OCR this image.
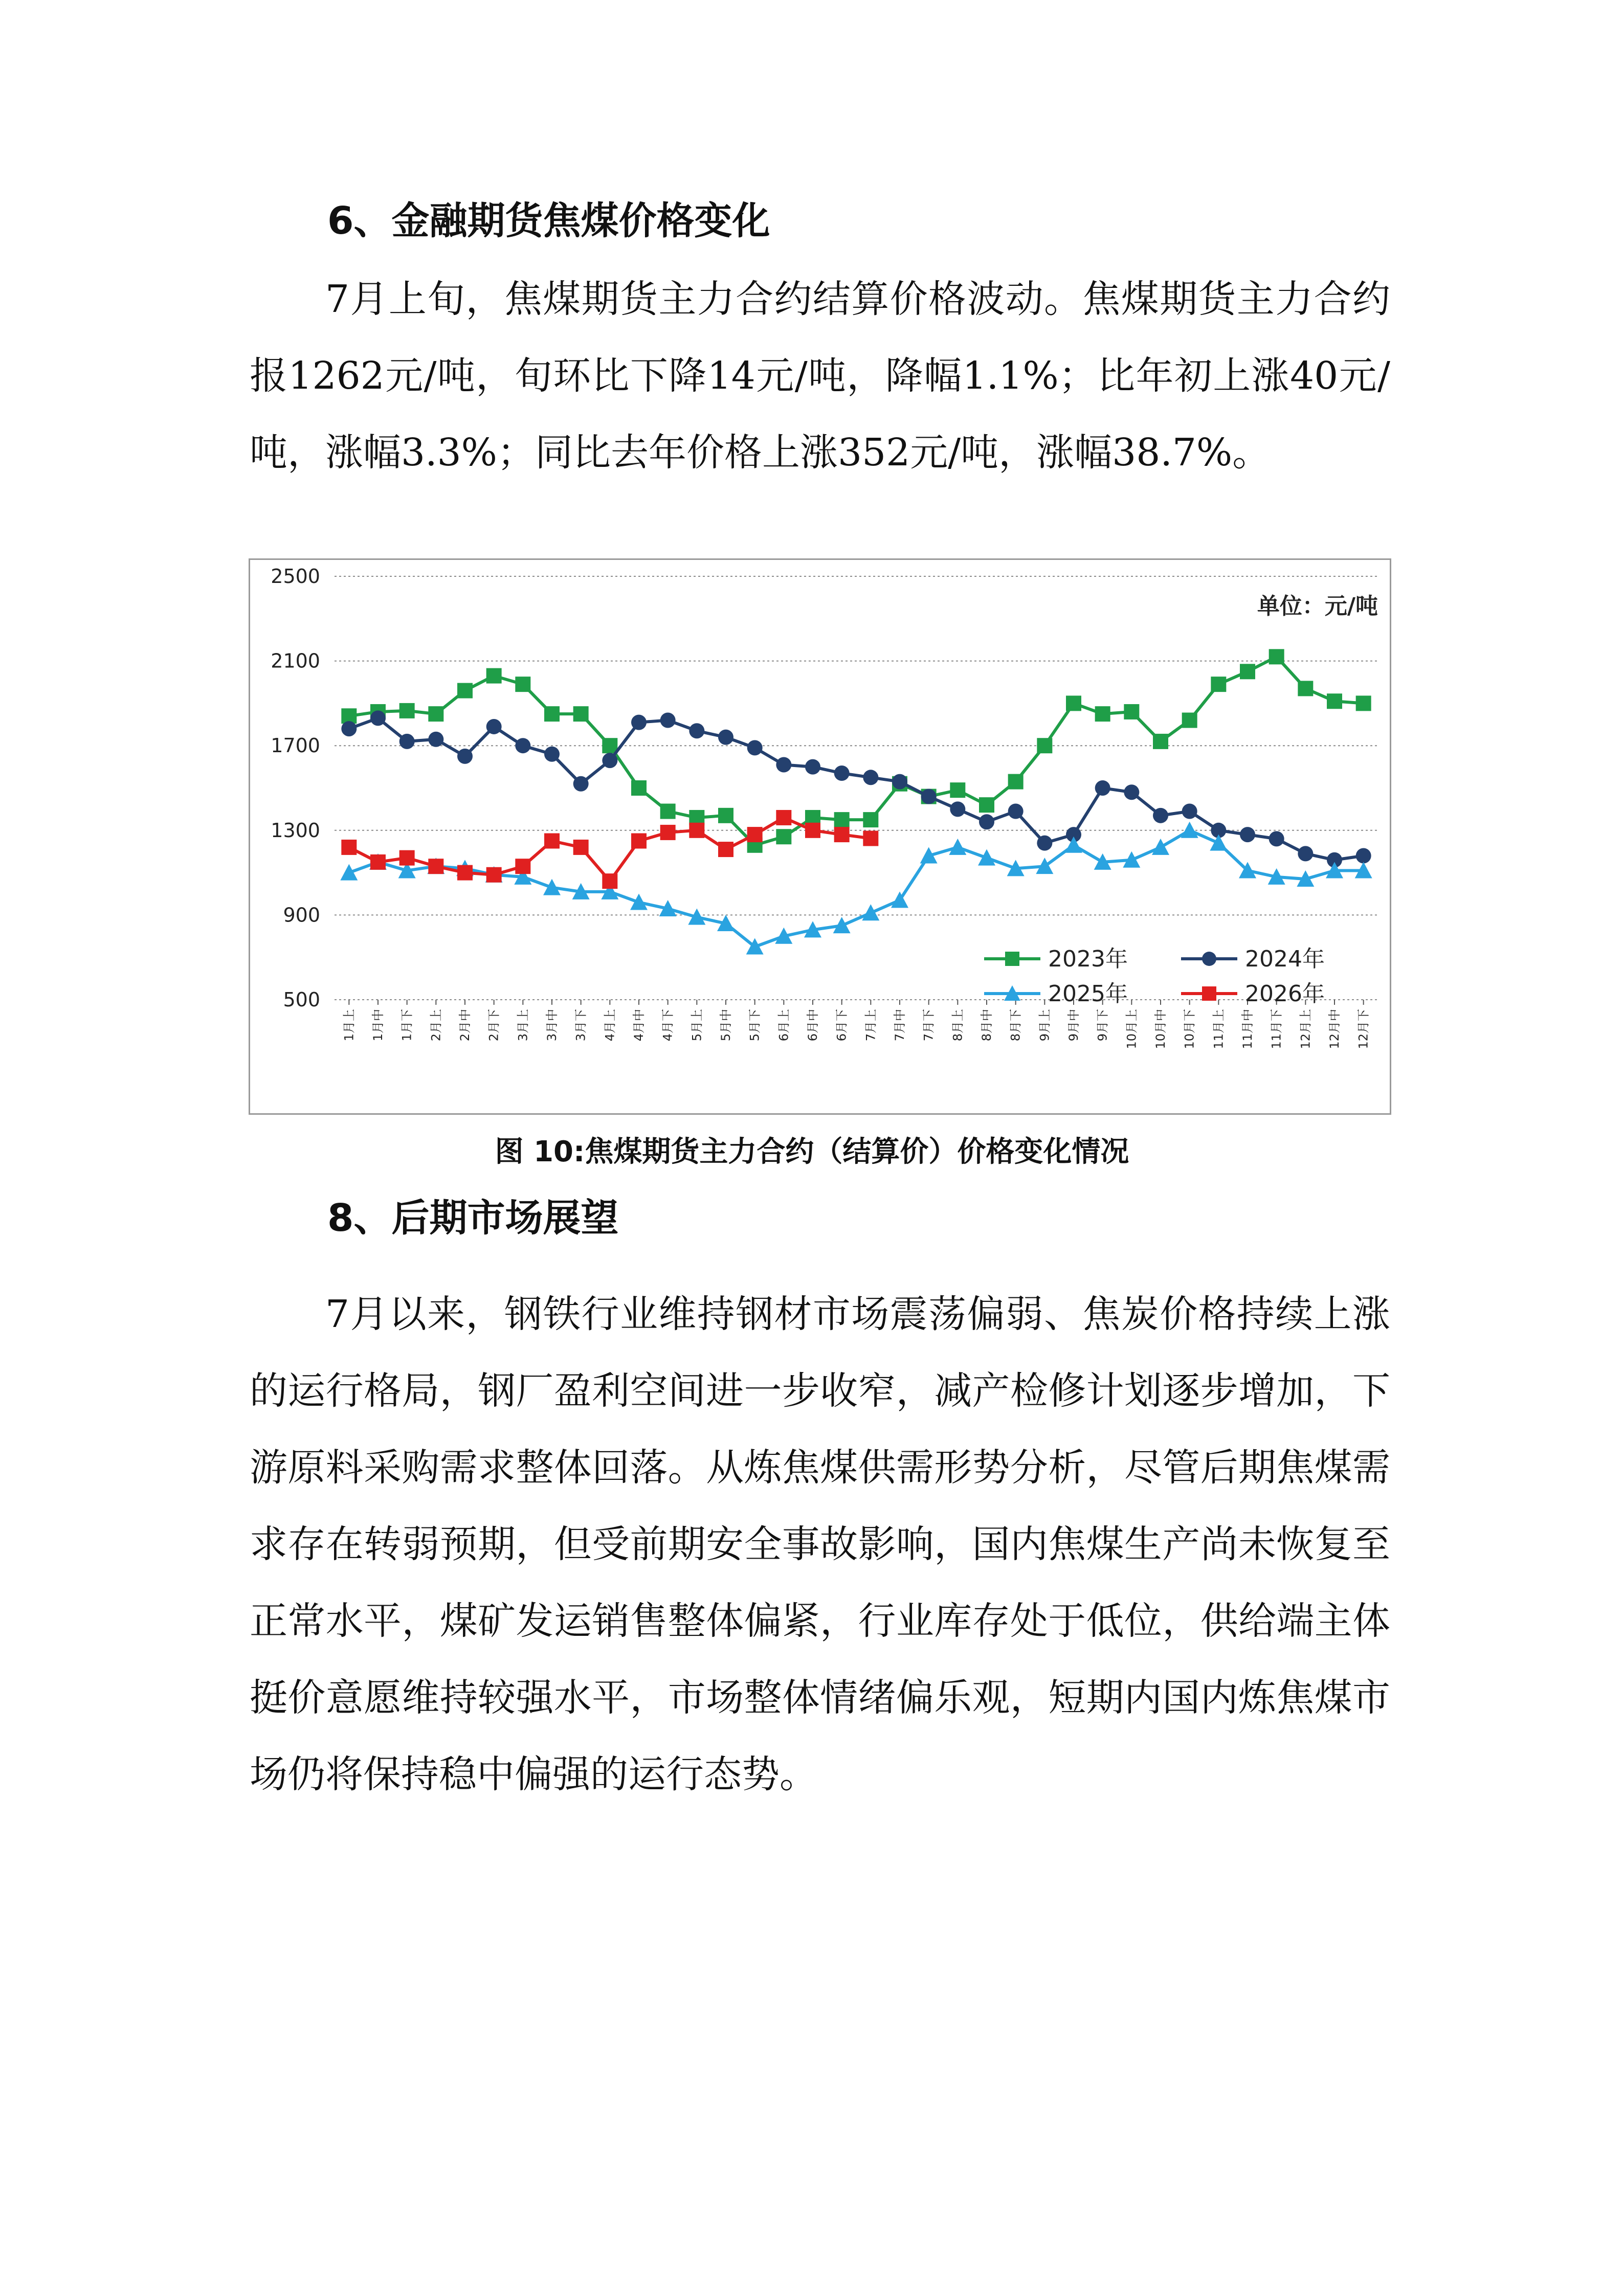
6、金融期货焦煤价格变化

7月上旬，焦煤期货主力合约结算价格波动。焦煤期货主力合约报1262元/吨，旬环比下降14元/吨，降幅1.1%；比年初上涨40元/吨，涨幅3.3%；同比去年价格上涨352元/吨，涨幅38.7%。

500
900
1300
1700
2100
2500
1月上 1月中 1月下 2月上 2月中 2月下 3月上 3月中 3月下 4月上 4月中 4月下 5月上 5月中 5月下 6月上 6月中 6月下 7月上 7月中 7月下 8月上 8月中 8月下 9月上 9月中 9月下 10月上 10月中 10月下 11月上 11月中 11月下 12月上 12月中 12月下
单位：元/吨
2023年	2024年
2025年	2026年

图 10:焦煤期货主力合约（结算价）价格变化情况

8、后期市场展望

7月以来，钢铁行业维持钢材市场震荡偏弱、焦炭价格持续上涨的运行格局，钢厂盈利空间进一步收窄，减产检修计划逐步增加，下游原料采购需求整体回落。从炼焦煤供需形势分析，尽管后期焦煤需求存在转弱预期，但受前期安全事故影响，国内焦煤生产尚未恢复至正常水平，煤矿发运销售整体偏紧，行业库存处于低位，供给端主体挺价意愿维持较强水平，市场整体情绪偏乐观，短期内国内炼焦煤市场仍将保持稳中偏强的运行态势。
